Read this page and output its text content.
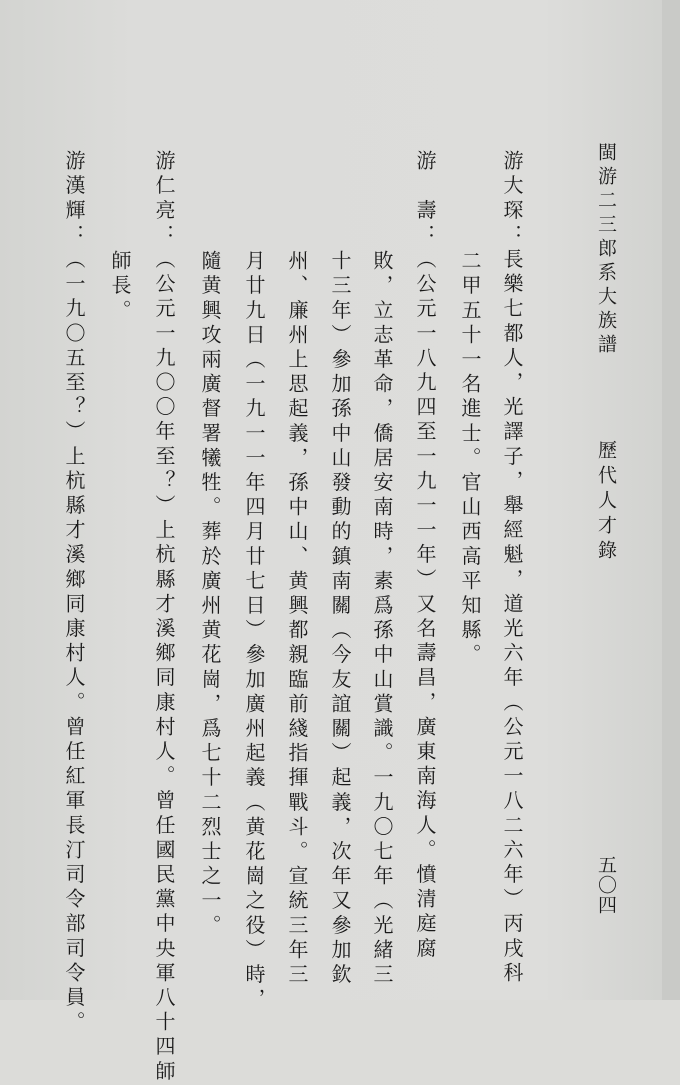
閩游二三郎系大族譜
歷代人才錄
五〇四
游大琛：長樂七都人，光譯子，舉經魁，道光六年（公元一八二六年）丙戌科
二甲五十一名進士。官山西高平知縣。
游　壽：（公元一八九四至一九一一年）又名壽昌，廣東南海人。憤清庭腐
敗，立志革命，僑居安南時，素爲孫中山賞識。一九〇七年（光緒三
十三年）參加孫中山發動的鎮南關（今友誼關）起義，次年又參加欽
州、廉州上思起義，孫中山、黄興都親臨前綫指揮戰斗。宣統三年三
月廿九日（一九一一年四月廿七日）參加廣州起義（黄花崗之役）時，
隨黄興攻兩廣督署犧牲。葬於廣州黄花崗，爲七十二烈士之一。
游仁亮：（公元一九〇〇年至？）上杭縣才溪鄉同康村人。曾任國民黨中央軍八十四師
師長。
游漢輝：（一九〇五至？）上杭縣才溪鄉同康村人。曾任紅軍長汀司令部司令員。
